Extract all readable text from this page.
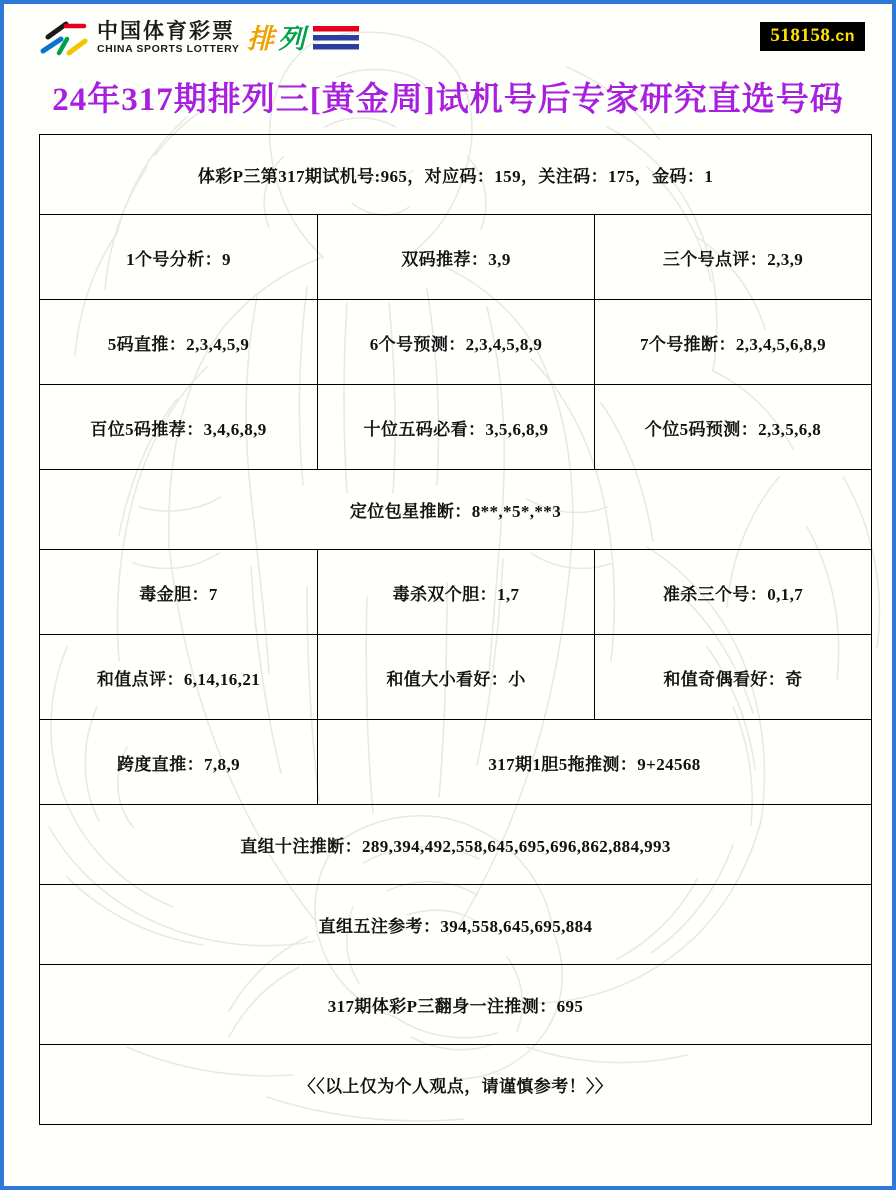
中国体育彩票
CHINA SPORTS LOTTERY 排 列	518158.cn
24年317期排列三[黄金周]试机号后专家研究直选号码
体彩P三第317期试机号:965，对应码：159，关注码：175，金码：1		
1个号分析：9	双码推荐：3,9	三个号点评：2,3,9
5码直推：2,3,4,5,9	6个号预测：2,3,4,5,8,9	7个号推断：2,3,4,5,6,8,9
百位5码推荐：3,4,6,8,9	十位五码必看：3,5,6,8,9	个位5码预测：2,3,5,6,8
定位包星推断：8**,*5*,**3		
毒金胆：7	毒杀双个胆：1,7	准杀三个号：0,1,7
和值点评：6,14,16,21	和值大小看好：小	和值奇偶看好：奇
跨度直推：7,8,9	317期1胆5拖推测：9+24568	
直组十注推断：289,394,492,558,645,695,696,862,884,993		
直组五注参考：394,558,645,695,884		
317期体彩P三翻身一注推测：695		
〈〈以上仅为个人观点，请谨慎参考！〉〉		
